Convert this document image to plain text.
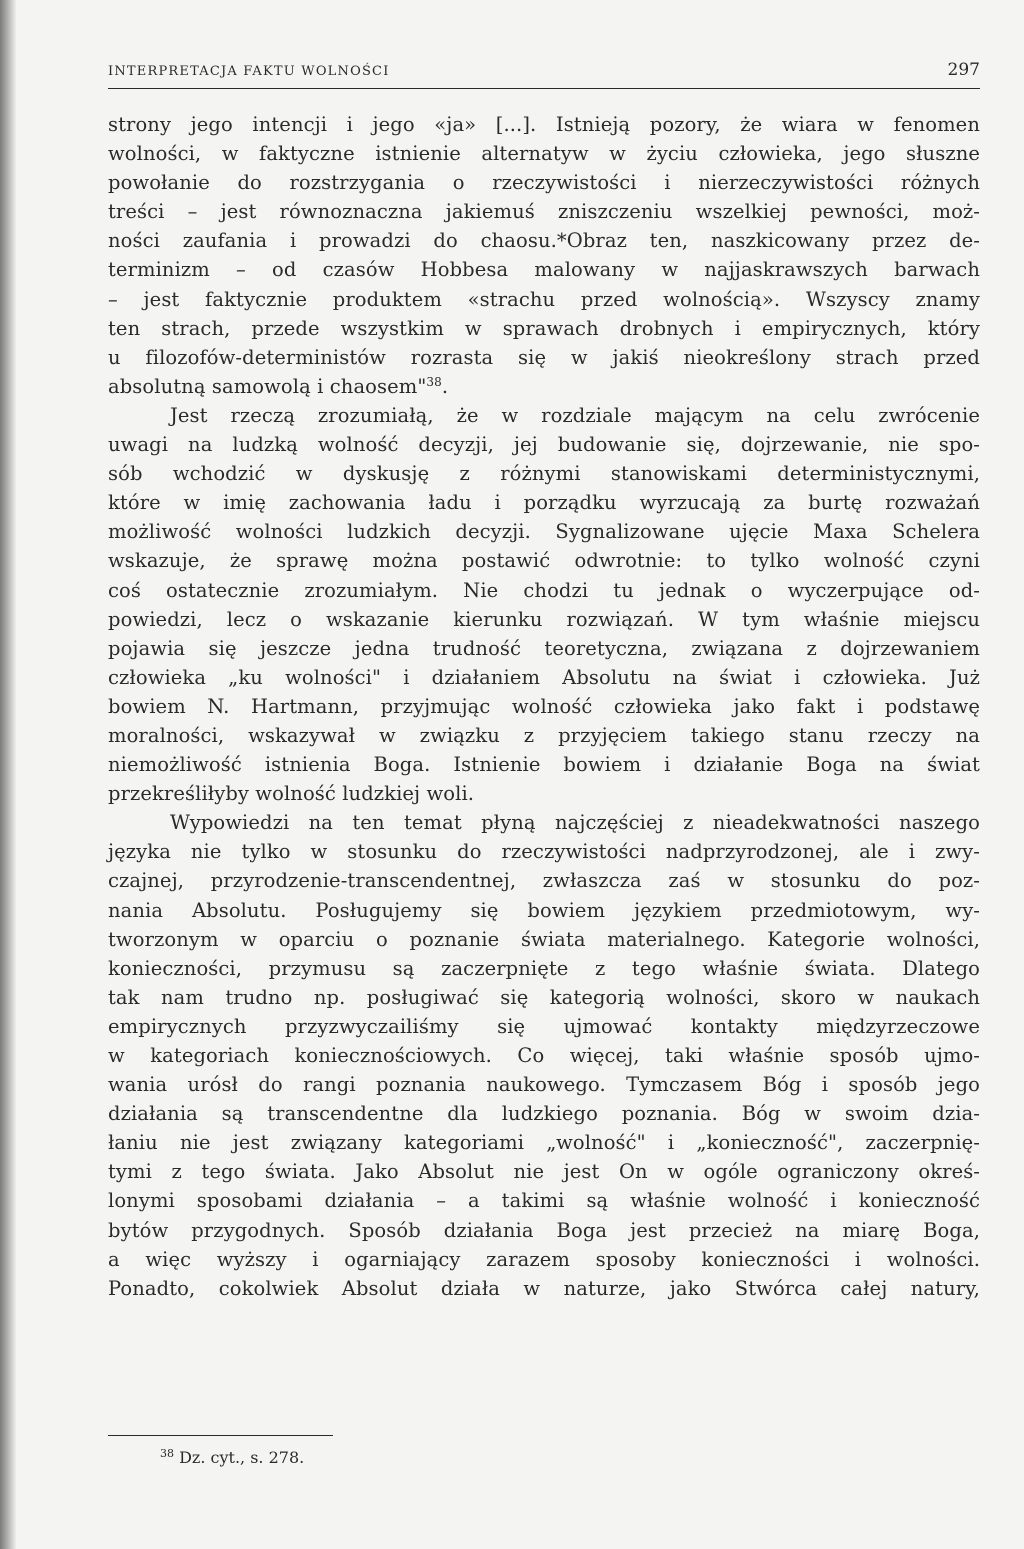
INTERPRETACJA FAKTU WOLNOŚCI	297
strony jego intencji i jego «ja» [...]. Istnieją pozory, że wiara w fenomen
wolności, w faktyczne istnienie alternatyw w życiu człowieka, jego słuszne
powołanie do rozstrzygania o rzeczywistości i nierzeczywistości różnych
treści – jest równoznaczna jakiemuś zniszczeniu wszelkiej pewności, moż-
ności zaufania i prowadzi do chaosu.*Obraz ten, naszkicowany przez de-
terminizm – od czasów Hobbesa malowany w najjaskrawszych barwach
– jest faktycznie produktem «strachu przed wolnością». Wszyscy znamy
ten strach, przede wszystkim w sprawach drobnych i empirycznych, który
u filozofów-deterministów rozrasta się w jakiś nieokreślony strach przed
absolutną samowolą i chaosem"$^{38}$.
Jest rzeczą zrozumiałą, że w rozdziale mającym na celu zwrócenie
uwagi na ludzką wolność decyzji, jej budowanie się, dojrzewanie, nie spo-
sób wchodzić w dyskusję z różnymi stanowiskami deterministycznymi,
które w imię zachowania ładu i porządku wyrzucają za burtę rozważań
możliwość wolności ludzkich decyzji. Sygnalizowane ujęcie Maxa Schelera
wskazuje, że sprawę można postawić odwrotnie: to tylko wolność czyni
coś ostatecznie zrozumiałym. Nie chodzi tu jednak o wyczerpujące od-
powiedzi, lecz o wskazanie kierunku rozwiązań. W tym właśnie miejscu
pojawia się jeszcze jedna trudność teoretyczna, związana z dojrzewaniem
człowieka „ku wolności" i działaniem Absolutu na świat i człowieka. Już
bowiem N. Hartmann, przyjmując wolność człowieka jako fakt i podstawę
moralności, wskazywał w związku z przyjęciem takiego stanu rzeczy na
niemożliwość istnienia Boga. Istnienie bowiem i działanie Boga na świat
przekreśliłyby wolność ludzkiej woli.
Wypowiedzi na ten temat płyną najczęściej z nieadekwatności naszego
języka nie tylko w stosunku do rzeczywistości nadprzyrodzonej, ale i zwy-
czajnej, przyrodzenie-transcendentnej, zwłaszcza zaś w stosunku do poz-
nania Absolutu. Posługujemy się bowiem językiem przedmiotowym, wy-
tworzonym w oparciu o poznanie świata materialnego. Kategorie wolności,
konieczności, przymusu są zaczerpnięte z tego właśnie świata. Dlatego
tak nam trudno np. posługiwać się kategorią wolności, skoro w naukach
empirycznych przyzwyczailiśmy się ujmować kontakty międzyrzeczowe
w kategoriach koniecznościowych. Co więcej, taki właśnie sposób ujmo-
wania urósł do rangi poznania naukowego. Tymczasem Bóg i sposób jego
działania są transcendentne dla ludzkiego poznania. Bóg w swoim dzia-
łaniu nie jest związany kategoriami „wolność" i „konieczność", zaczerpnię-
tymi z tego świata. Jako Absolut nie jest On w ogóle ograniczony okreś-
lonymi sposobami działania – a takimi są właśnie wolność i konieczność
bytów przygodnych. Sposób działania Boga jest przecież na miarę Boga,
a więc wyższy i ogarniający zarazem sposoby konieczności i wolności.
Ponadto, cokolwiek Absolut działa w naturze, jako Stwórca całej natury,
$^{38}$ Dz. cyt., s. 278.
